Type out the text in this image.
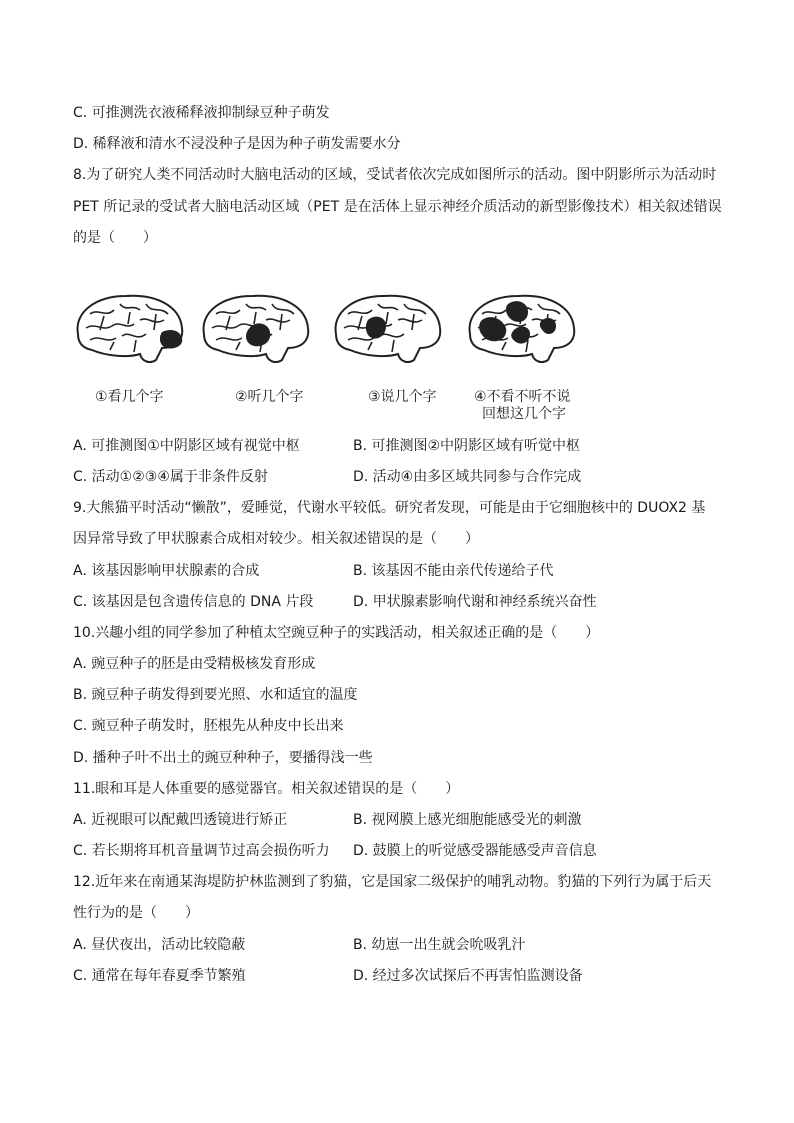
C. 可推测洗衣液稀释液抑制绿豆种子萌发
D. 稀释液和清水不浸没种子是因为种子萌发需要水分
8.为了研究人类不同活动时大脑电活动的区域，受试者依次完成如图所示的活动。图中阴影所示为活动时
PET 所记录的受试者大脑电活动区域（PET 是在活体上显示神经介质活动的新型影像技术）相关叙述错误
的是（　　）
①看几个字	②听几个字	③说几个字	④不看不听不说
回想这几个字
A. 可推测图①中阴影区域有视觉中枢	B. 可推测图②中阴影区域有听觉中枢
C. 活动①②③④属于非条件反射	D. 活动④由多区域共同参与合作完成
9.大熊猫平时活动“懒散”，爱睡觉，代谢水平较低。研究者发现，可能是由于它细胞核中的 DUOX2 基
因异常导致了甲状腺素合成相对较少。相关叙述错误的是（　　）
A. 该基因影响甲状腺素的合成	B. 该基因不能由亲代传递给子代
C. 该基因是包含遗传信息的 DNA 片段	D. 甲状腺素影响代谢和神经系统兴奋性
10.兴趣小组的同学参加了种植太空豌豆种子的实践活动，相关叙述正确的是（　　）
A. 豌豆种子的胚是由受精极核发育形成
B. 豌豆种子萌发得到要光照、水和适宜的温度
C. 豌豆种子萌发时，胚根先从种皮中长出来
D. 播种子叶不出土的豌豆种种子，要播得浅一些
11.眼和耳是人体重要的感觉器官。相关叙述错误的是（　　）
A. 近视眼可以配戴凹透镜进行矫正	B. 视网膜上感光细胞能感受光的刺激
C. 若长期将耳机音量调节过高会损伤听力 D. 鼓膜上的听觉感受器能感受声音信息
12.近年来在南通某海堤防护林监测到了豹猫，它是国家二级保护的哺乳动物。豹猫的下列行为属于后天
性行为的是（　　）
A. 昼伏夜出，活动比较隐蔽	B. 幼崽一出生就会吮吸乳汁
C. 通常在每年春夏季节繁殖	D. 经过多次试探后不再害怕监测设备
